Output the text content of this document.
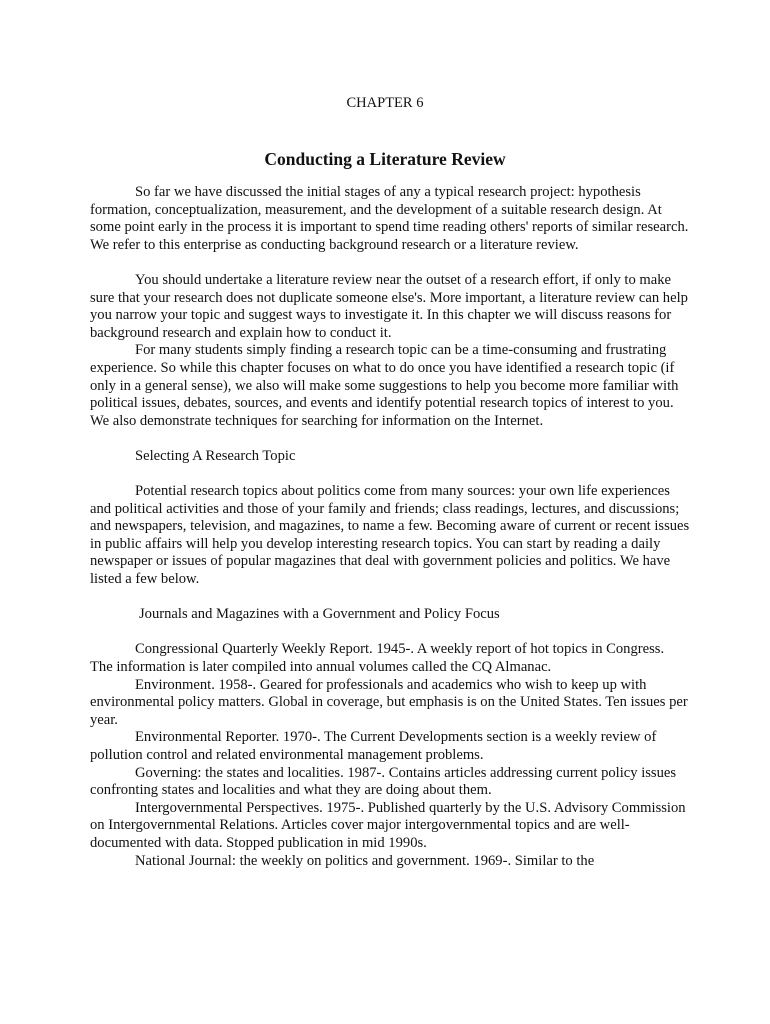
CHAPTER 6
Conducting a Literature Review

So far we have discussed the initial stages of any a typical research project: hypothesis formation, conceptualization, measurement, and the development of a suitable research design. At some point early in the process it is important to spend time reading others' reports of similar research. We refer to this enterprise as conducting background research or a literature review.

You should undertake a literature review near the outset of a research effort, if only to make sure that your research does not duplicate someone else's. More important, a literature review can help you narrow your topic and suggest ways to investigate it. In this chapter we will discuss reasons for background research and explain how to conduct it.

For many students simply finding a research topic can be a time-consuming and frustrating experience. So while this chapter focuses on what to do once you have identified a research topic (if only in a general sense), we also will make some suggestions to help you become more familiar with political issues, debates, sources, and events and identify potential research topics of interest to you. We also demonstrate techniques for searching for information on the Internet.

Selecting A Research Topic

Potential research topics about politics come from many sources: your own life experiences and political activities and those of your family and friends; class readings, lectures, and discussions; and newspapers, television, and magazines, to name a few. Becoming aware of current or recent issues in public affairs will help you develop interesting research topics. You can start by reading a daily newspaper or issues of popular magazines that deal with government policies and politics. We have listed a few below.

Journals and Magazines with a Government and Policy Focus

Congressional Quarterly Weekly Report. 1945-. A weekly report of hot topics in Congress. The information is later compiled into annual volumes called the CQ Almanac.

Environment. 1958-. Geared for professionals and academics who wish to keep up with environmental policy matters. Global in coverage, but emphasis is on the United States. Ten issues per year.

Environmental Reporter. 1970-. The Current Developments section is a weekly review of pollution control and related environmental management problems.

Governing: the states and localities. 1987-. Contains articles addressing current policy issues confronting states and localities and what they are doing about them.

Intergovernmental Perspectives. 1975-. Published quarterly by the U.S. Advisory Commission on Intergovernmental Relations. Articles cover major intergovernmental topics and are well-documented with data. Stopped publication in mid 1990s.

National Journal: the weekly on politics and government. 1969-. Similar to the
